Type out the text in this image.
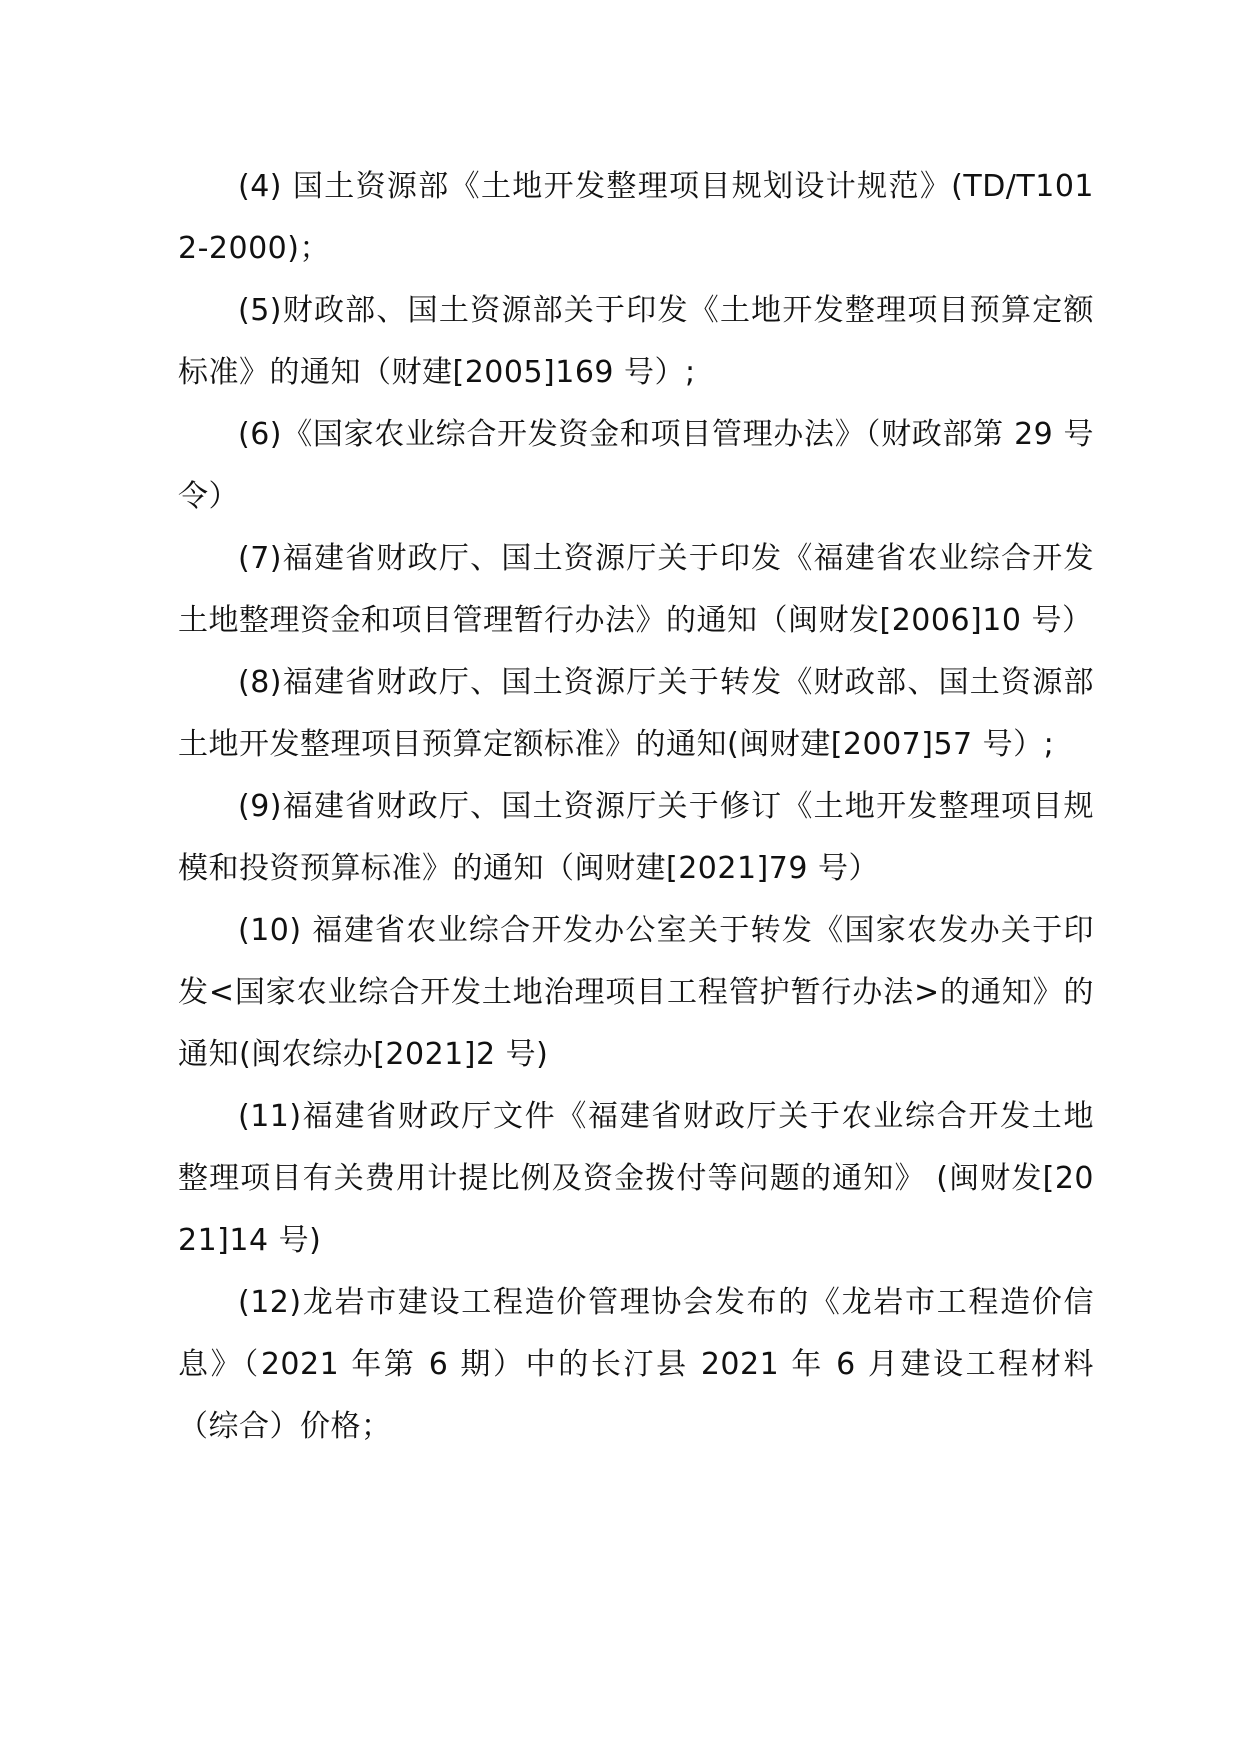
(4) 国土资源部《土地开发整理项目规划设计规范》(TD/T1012-2000)；

(5)财政部、国土资源部关于印发《土地开发整理项目预算定额标准》的通知（财建[2005]169 号）;

(6)《国家农业综合开发资金和项目管理办法》（财政部第 29 号令）

(7)福建省财政厅、国土资源厅关于印发《福建省农业综合开发土地整理资金和项目管理暂行办法》的通知（闽财发[2006]10 号）

(8)福建省财政厅、国土资源厅关于转发《财政部、国土资源部土地开发整理项目预算定额标准》的通知(闽财建[2007]57 号）;

(9)福建省财政厅、国土资源厅关于修订《土地开发整理项目规模和投资预算标准》的通知（闽财建[2021]79 号）

(10) 福建省农业综合开发办公室关于转发《国家农发办关于印发<国家农业综合开发土地治理项目工程管护暂行办法>的通知》的通知(闽农综办[2021]2 号)

(11)福建省财政厅文件《福建省财政厅关于农业综合开发土地整理项目有关费用计提比例及资金拨付等问题的通知》 (闽财发[2021]14 号)

(12)龙岩市建设工程造价管理协会发布的《龙岩市工程造价信息》（2021 年第 6 期）中的长汀县 2021 年 6 月建设工程材料（综合）价格；
